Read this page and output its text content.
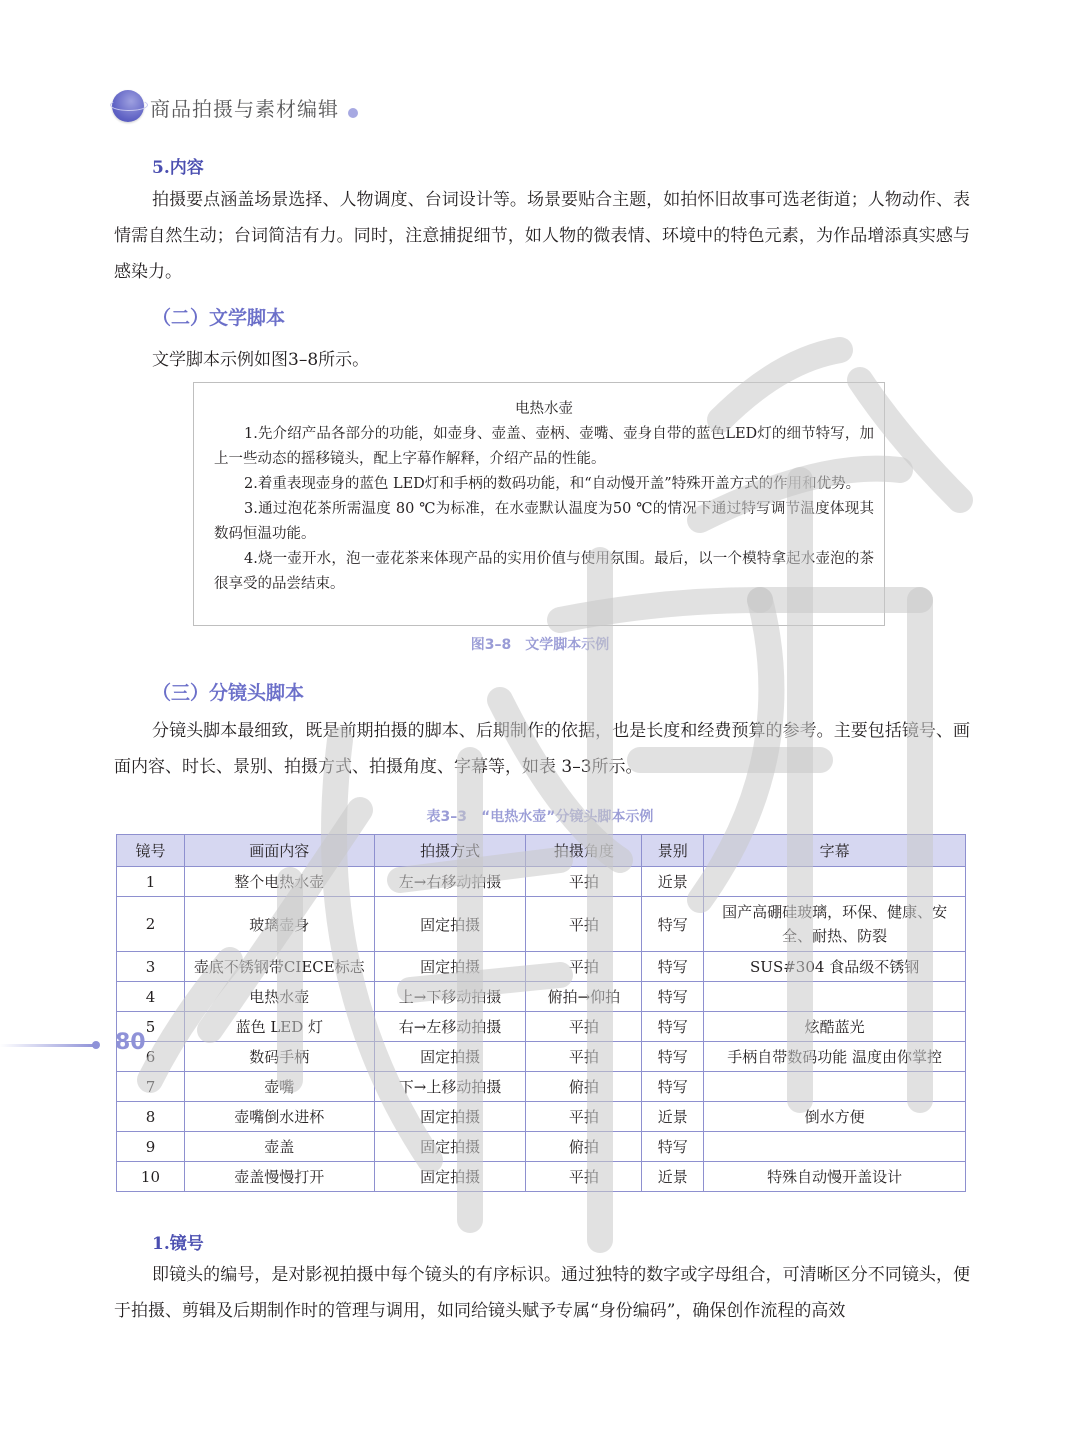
商品拍摄与素材编辑
5.内容
拍摄要点涵盖场景选择、人物调度、台词设计等。场景要贴合主题，如拍怀旧故事可选老街道；人物动作、表情需自然生动；台词简洁有力。同时，注意捕捉细节，如人物的微表情、环境中的特色元素，为作品增添真实感与感染力。
（二）文学脚本
文学脚本示例如图3–8所示。
电热水壶

1.先介绍产品各部分的功能，如壶身、壶盖、壶柄、壶嘴、壶身自带的蓝色LED灯的细节特写，加上一些动态的摇移镜头，配上字幕作解释，介绍产品的性能。

2.着重表现壶身的蓝色 LED灯和手柄的数码功能，和“自动慢开盖”特殊开盖方式的作用和优势。

3.通过泡花茶所需温度 80 ℃为标准，在水壶默认温度为50 ℃的情况下通过特写调节温度体现其数码恒温功能。

4.烧一壶开水，泡一壶花茶来体现产品的实用价值与使用氛围。最后，以一个模特拿起水壶泡的茶很享受的品尝结束。

图3–8　文学脚本示例
（三）分镜头脚本
分镜头脚本最细致，既是前期拍摄的脚本、后期制作的依据，也是长度和经费预算的参考。主要包括镜号、画面内容、时长、景别、拍摄方式、拍摄角度、字幕等，如表 3–3所示。
表3–3　“电热水壶”分镜头脚本示例
镜号	画面内容	拍摄方式	拍摄角度	景别	字幕
1	整个电热水壶	左→右移动拍摄	平拍	近景	
2	玻璃壶身	固定拍摄	平拍	特写	国产高硼硅玻璃，环保、健康、安全、耐热、防裂
3	壶底不锈钢带CIECE标志	固定拍摄	平拍	特写	SUS#304 食品级不锈钢
4	电热水壶	上→下移动拍摄	俯拍→仰拍	特写	
5	蓝色 LED 灯	右→左移动拍摄	平拍	特写	炫酷蓝光
6	数码手柄	固定拍摄	平拍	特写	手柄自带数码功能 温度由你掌控
7	壶嘴	下→上移动拍摄	俯拍	特写	
8	壶嘴倒水进杯	固定拍摄	平拍	近景	倒水方便
9	壶盖	固定拍摄	俯拍	特写	
10	壶盖慢慢打开	固定拍摄	平拍	近景	特殊自动慢开盖设计
1.镜号
即镜头的编号，是对影视拍摄中每个镜头的有序标识。通过独特的数字或字母组合，可清晰区分不同镜头，便于拍摄、剪辑及后期制作时的管理与调用，如同给镜头赋予专属“身份编码”，确保创作流程的高效
80
